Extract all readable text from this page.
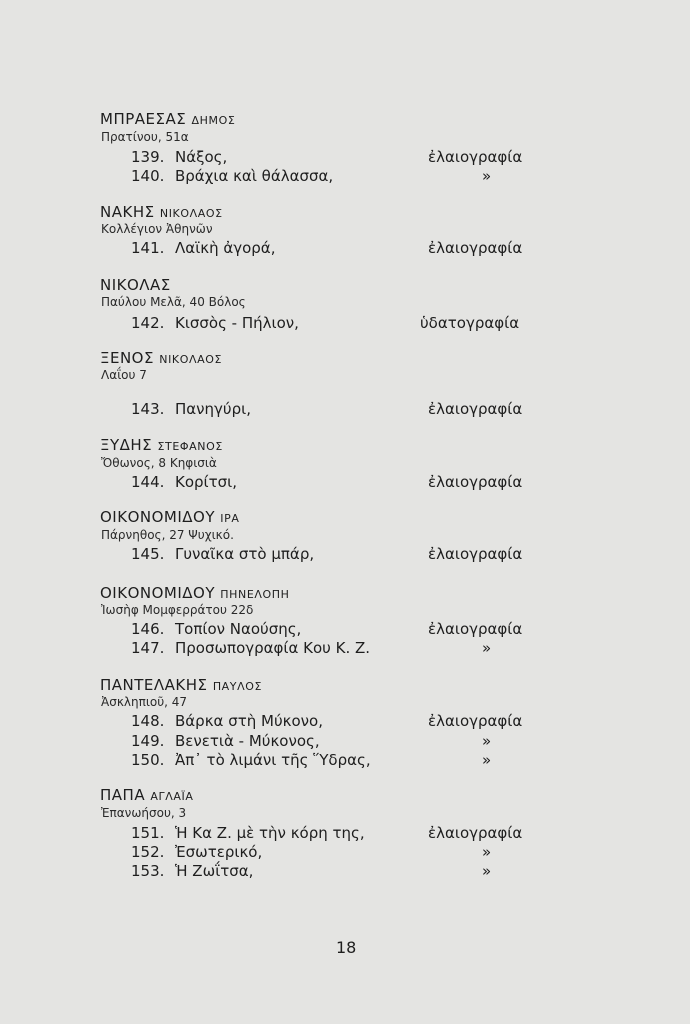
ΜΠΡΑΕΣΑΣ ΔΗΜΟΣ
Πρατίνου, 51α
139. Νάξος,	ἐλαιογραφία
140. Βράχια καὶ θάλασσα,	»
ΝΑΚΗΣ ΝΙΚΟΛΑΟΣ
Κολλέγιον Ἀθηνῶν
141. Λαϊκὴ ἀγορά,	ἐλαιογραφία
ΝΙΚΟΛΑΣ
Παύλου Μελᾶ, 40 Βόλος
142. Κισσὸς - Πήλιον,	ὑδατογραφία
ΞΕΝΟΣ ΝΙΚΟΛΑΟΣ
Λαΐου 7
143. Πανηγύρι,	ἐλαιογραφία
ΞΥΔΗΣ ΣΤΕΦΑΝΟΣ
Ὄθωνος, 8 Κηφισιὰ
144. Κορίτσι,	ἐλαιογραφία
ΟΙΚΟΝΟΜΙΔΟΥ ΙΡΑ
Πάρνηθος, 27 Ψυχικό.
145. Γυναῖκα στὸ μπάρ,	ἐλαιογραφία
ΟΙΚΟΝΟΜΙΔΟΥ ΠΗΝΕΛΟΠΗ
Ἰωσὴφ Μομφερράτου 22δ
146. Τοπίον Ναούσης,	ἐλαιογραφία
147. Προσωπογραφία Κου Κ. Ζ.	»
ΠΑΝΤΕΛΑΚΗΣ ΠΑΥΛΟΣ
Ἀσκληπιοῦ, 47
148. Βάρκα στὴ Μύκονο,	ἐλαιογραφία
149. Βενετιὰ - Μύκονος,	»
150. Ἀπ᾽ τὸ λιμάνι τῆς Ὕδρας,	»
ΠΑΠΑ ΑΓΛΑΪΑ
Ἐπανωήσου, 3
151. Ἡ Κα Ζ. μὲ τὴν κόρη της,	ἐλαιογραφία
152. Ἐσωτερικό,	»
153. Ἡ Ζωΐτσα,	»
18
